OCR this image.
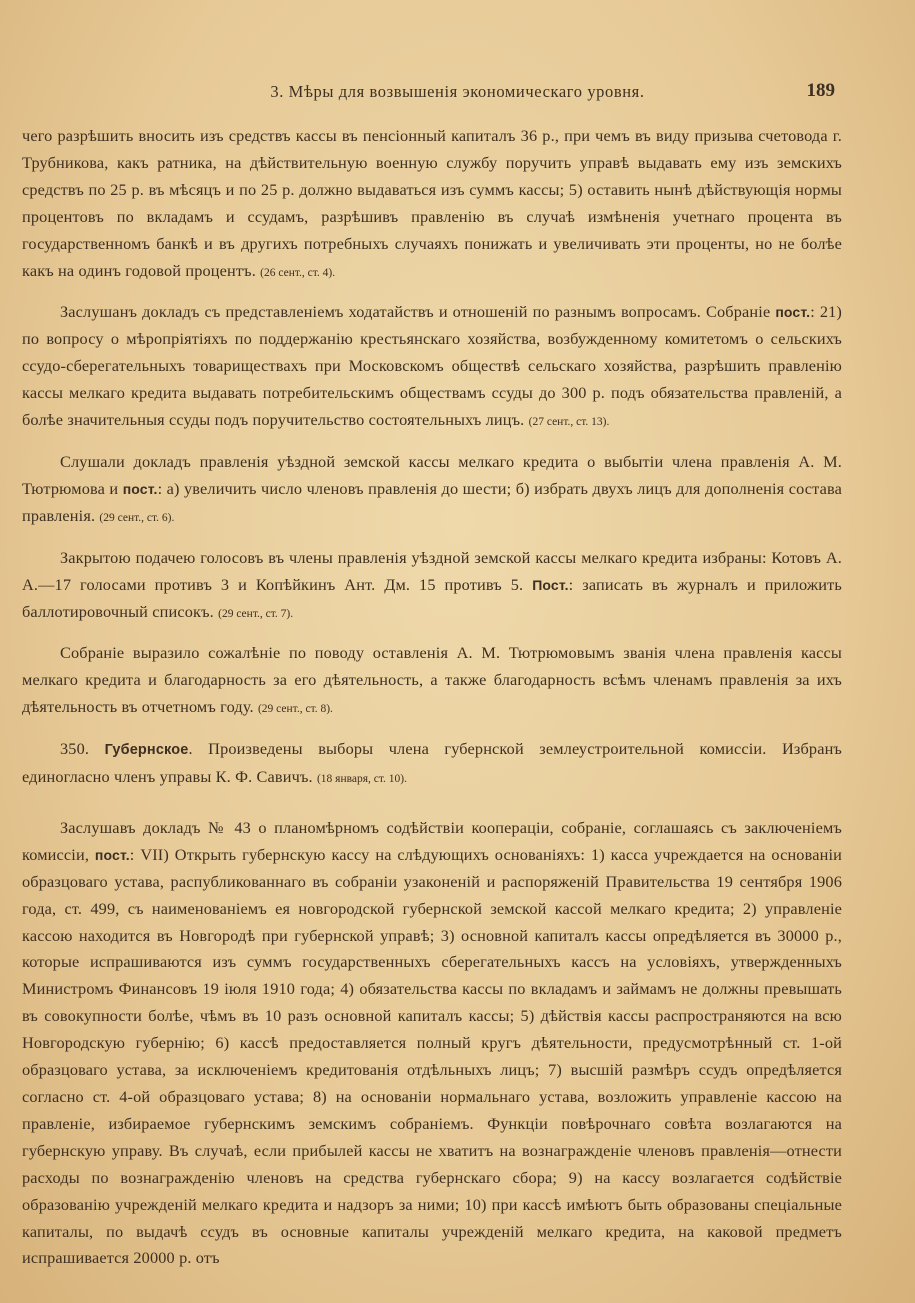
3. Мѣры для возвышенія экономическаго уровня.	189

чего разрѣшить вносить изъ средствъ кассы въ пенсіонный капиталъ 36 р., при чемъ въ виду призыва счетовода г. Трубникова, какъ ратника, на дѣйствительную военную службу поручить управѣ выдавать ему изъ земскихъ средствъ по 25 р. въ мѣсяцъ и по 25 р. должно выдаваться изъ суммъ кассы; 5) оставить нынѣ дѣйствующія нормы процентовъ по вкладамъ и ссудамъ, разрѣшивъ правленію въ случаѣ измѣненія учетнаго процента въ государственномъ банкѣ и въ другихъ потребныхъ случаяхъ понижать и увеличивать эти проценты, но не болѣе какъ на одинъ годовой процентъ. (26 сент., ст. 4).

Заслушанъ докладъ съ представленіемъ ходатайствъ и отношеній по разнымъ вопросамъ. Собраніе пост.: 21) по вопросу о мѣропріятіяхъ по поддержанію крестьянскаго хозяйства, возбужденному комитетомъ о сельскихъ ссудо-сберегательныхъ товариществахъ при Московскомъ обществѣ сельскаго хозяйства, разрѣшить правленію кассы мелкаго кредита выдавать потребительскимъ обществамъ ссуды до 300 р. подъ обязательства правленій, а болѣе значительныя ссуды подъ поручительство состоятельныхъ лицъ. (27 сент., ст. 13).

Слушали докладъ правленія уѣздной земской кассы мелкаго кредита о выбытіи члена правленія А. М. Тютрюмова и пост.: а) увеличить число членовъ правленія до шести; б) избрать двухъ лицъ для дополненія состава правленія. (29 сент., ст. 6).

Закрытою подачею голосовъ въ члены правленія уѣздной земской кассы мелкаго кредита избраны: Котовъ А. А.—17 голосами противъ 3 и Копѣйкинъ Ант. Дм. 15 противъ 5. Пост.: записать въ журналъ и приложить баллотировочный списокъ. (29 сент., ст. 7).

Собраніе выразило сожалѣніе по поводу оставленія А. М. Тютрюмовымъ званія члена правленія кассы мелкаго кредита и благодарность за его дѣятельность, а также благодарность всѣмъ членамъ правленія за ихъ дѣятельность въ отчетномъ году. (29 сент., ст. 8).

350. Губернское. Произведены выборы члена губернской землеустроительной комиссіи. Избранъ единогласно членъ управы К. Ф. Савичъ. (18 января, ст. 10).

Заслушавъ докладъ № 43 о планомѣрномъ содѣйствіи коопераціи, собраніе, соглашаясь съ заключеніемъ комиссіи, пост.: VII) Открыть губернскую кассу на слѣдующихъ основаніяхъ: 1) касса учреждается на основаніи образцоваго устава, распубликованнаго въ собраніи узаконеній и распоряженій Правительства 19 сентября 1906 года, ст. 499, съ наименованіемъ ея новгородской губернской земской кассой мелкаго кредита; 2) управленіе кассою находится въ Новгородѣ при губернской управѣ; 3) основной капиталъ кассы опредѣляется въ 30000 р., которые испрашиваются изъ суммъ государственныхъ сберегательныхъ кассъ на условіяхъ, утвержденныхъ Министромъ Финансовъ 19 іюля 1910 года; 4) обязательства кассы по вкладамъ и займамъ не должны превышать въ совокупности болѣе, чѣмъ въ 10 разъ основной капиталъ кассы; 5) дѣйствія кассы распространяются на всю Новгородскую губернію; 6) кассѣ предоставляется полный кругъ дѣятельности, предусмотрѣнный ст. 1-ой образцоваго устава, за исключеніемъ кредитованія отдѣльныхъ лицъ; 7) высшій размѣръ ссудъ опредѣляется согласно ст. 4-ой образцоваго устава; 8) на основаніи нормальнаго устава, возложить управленіе кассою на правленіе, избираемое губернскимъ земскимъ собраніемъ. Функціи повѣрочнаго совѣта возлагаются на губернскую управу. Въ случаѣ, если прибылей кассы не хватитъ на вознагражденіе членовъ правленія—отнести расходы по вознагражденію членовъ на средства губернскаго сбора; 9) на кассу возлагается содѣйствіе образованію учрежденій мелкаго кредита и надзоръ за ними; 10) при кассѣ имѣютъ быть образованы спеціальные капиталы, по выдачѣ ссудъ въ основные капиталы учрежденій мелкаго кредита, на каковой предметъ испрашивается 20000 р. отъ
